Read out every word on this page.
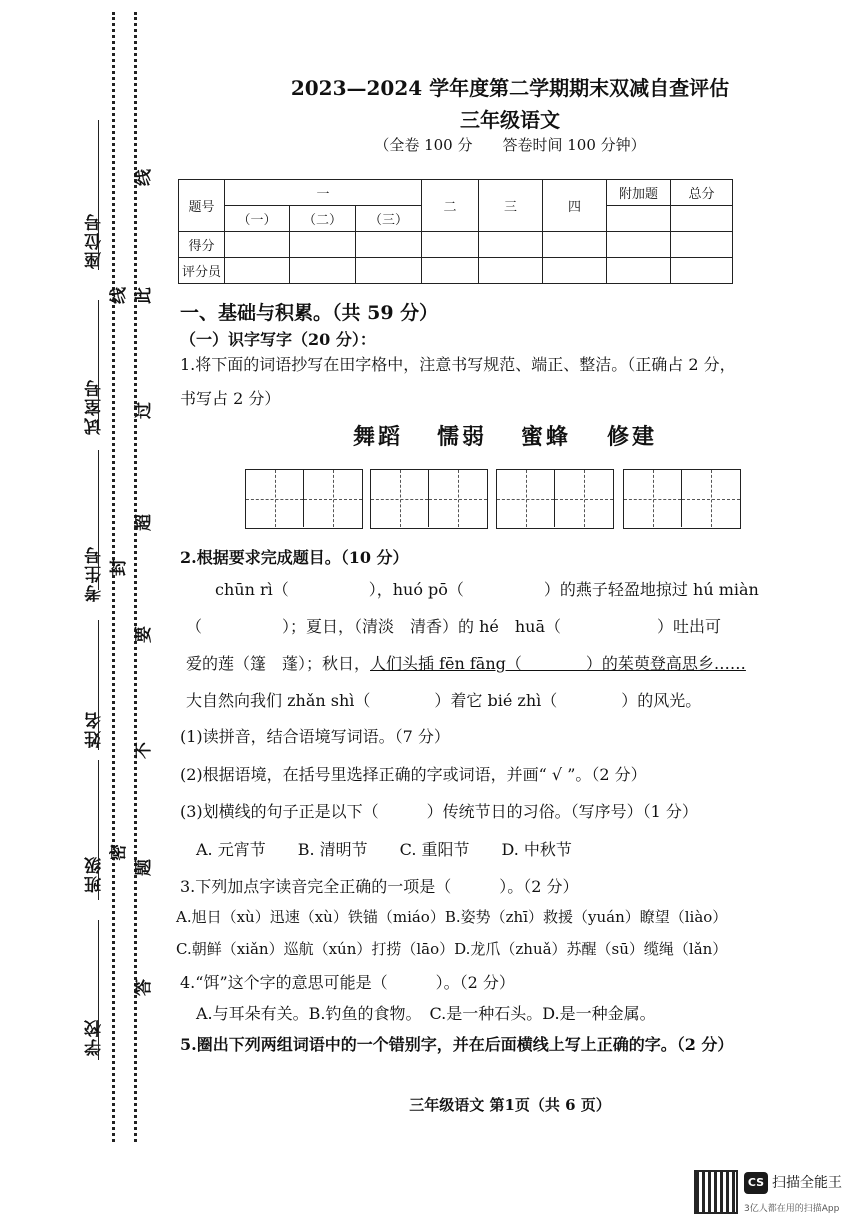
座位号
试室号
考生号
姓名
班级
学校
线
此
过
超
要
不
题
答
线
封
密
2023—2024 学年度第二学期期末双减自查评估
三年级语文
（全卷 100 分　　答卷时间 100 分钟）
题号	一			二	三	四	附加题	总分
	（一）	（二）	（三）					
得分								
评分员								
一、基础与积累。（共 59 分）
（一）识字写字（20 分）：
1.将下面的词语抄写在田字格中，注意书写规范、端正、整洁。（正确占 2 分，
书写占 2 分）
舞蹈 懦弱 蜜蜂 修建
2.根据要求完成题目。（10 分）
chūn rì（　　　　　），huó pō（　　　　　）的燕子轻盈地掠过 hú miàn
（　　　　　）；夏日，（清淡　清香）的 hé　huā（　　　　　　）吐出可
爱的莲（篷　蓬）；秋日，人们头插 fēn fāng（　　　　）的茱萸登高思乡……
大自然向我们 zhǎn shì（　　　　）着它 bié zhì（　　　　）的风光。
(1)读拼音，结合语境写词语。（7 分）
(2)根据语境，在括号里选择正确的字或词语，并画“ √ ”。（2 分）
(3)划横线的句子正是以下（　　　）传统节日的习俗。（写序号）（1 分）
A. 元宵节　　B. 清明节　　C. 重阳节　　D. 中秋节
3.下列加点字读音完全正确的一项是（　　　）。（2 分）
A.旭日（xù）迅速（xù）铁锚（miáo）B.姿势（zhī）救援（yuán）瞭望（liào）
C.朝鲜（xiǎn）巡航（xún）打捞（lāo）D.龙爪（zhuǎ）苏醒（sū）缆绳（lǎn）
4.“饵”这个字的意思可能是（　　　）。（2 分）
A.与耳朵有关。B.钓鱼的食物。　C.是一种石头。D.是一种金属。
5.圈出下列两组词语中的一个错别字，并在后面横线上写上正确的字。（2 分）
三年级语文 第1页（共 6 页）
CS 扫描全能王
3亿人都在用的扫描App
